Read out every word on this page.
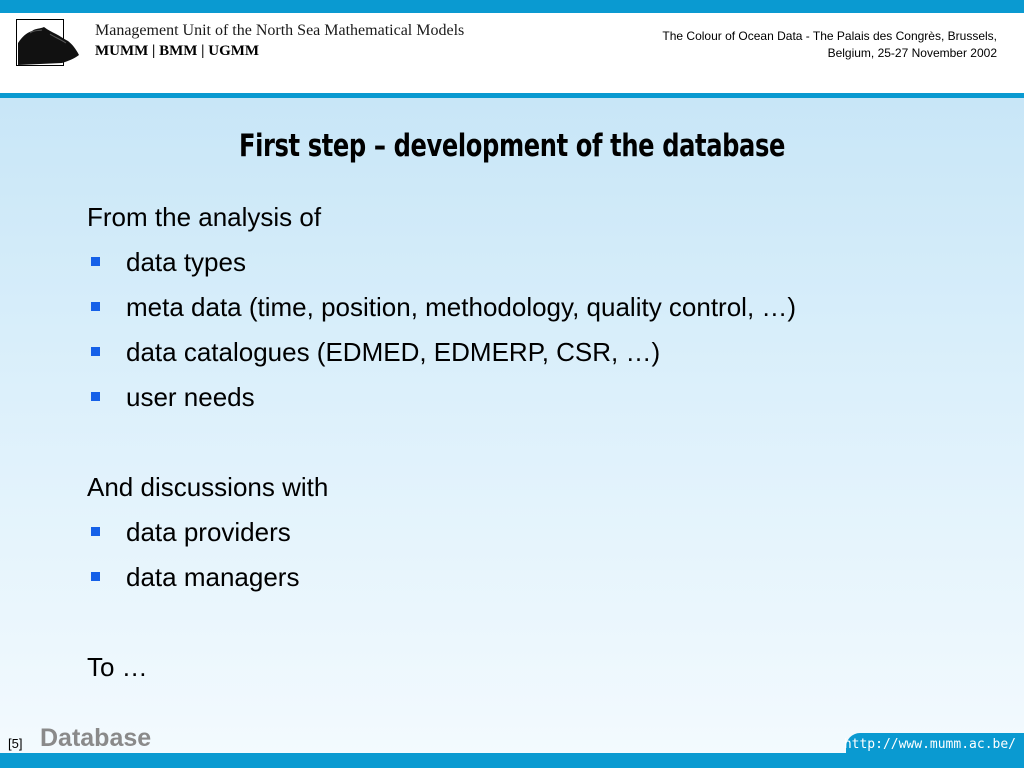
Management Unit of the North Sea Mathematical Models
MUMM | BMM | UGMM
The Colour of Ocean Data - The Palais des Congrès, Brussels,
Belgium, 25-27 November 2002
First step – development of the database
From the analysis of
data types
meta data (time, position, methodology, quality control, …)
data catalogues (EDMED, EDMERP, CSR, …)
user needs
And discussions with
data providers
data managers
To …
http://www.mumm.ac.be/
[5] Database
